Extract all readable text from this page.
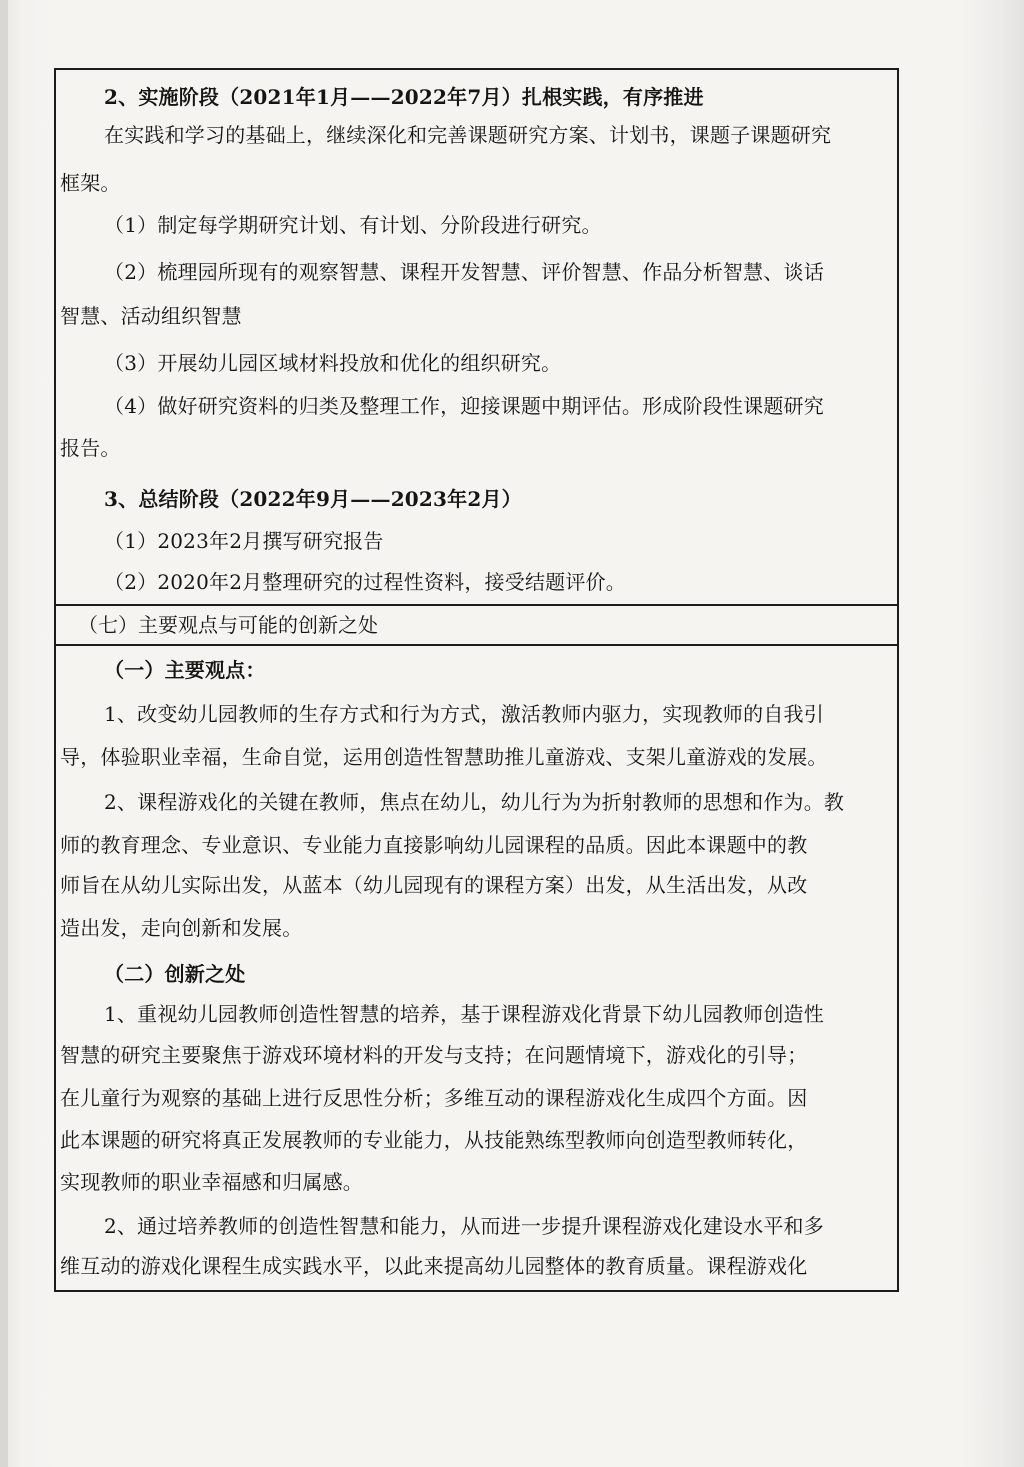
2、实施阶段（2021年1月——2022年7月）扎根实践，有序推进
在实践和学习的基础上，继续深化和完善课题研究方案、计划书，课题子课题研究
框架。
（1）制定每学期研究计划、有计划、分阶段进行研究。
（2）梳理园所现有的观察智慧、课程开发智慧、评价智慧、作品分析智慧、谈话
智慧、活动组织智慧
（3）开展幼儿园区域材料投放和优化的组织研究。
（4）做好研究资料的归类及整理工作，迎接课题中期评估。形成阶段性课题研究
报告。
3、总结阶段（2022年9月——2023年2月）
（1）2023年2月撰写研究报告
（2）2020年2月整理研究的过程性资料，接受结题评价。
（七）主要观点与可能的创新之处
（一）主要观点：
1、改变幼儿园教师的生存方式和行为方式，激活教师内驱力，实现教师的自我引
导，体验职业幸福，生命自觉，运用创造性智慧助推儿童游戏、支架儿童游戏的发展。
2、课程游戏化的关键在教师，焦点在幼儿，幼儿行为为折射教师的思想和作为。教
师的教育理念、专业意识、专业能力直接影响幼儿园课程的品质。因此本课题中的教
师旨在从幼儿实际出发，从蓝本（幼儿园现有的课程方案）出发，从生活出发，从改
造出发，走向创新和发展。
（二）创新之处
1、重视幼儿园教师创造性智慧的培养，基于课程游戏化背景下幼儿园教师创造性
智慧的研究主要聚焦于游戏环境材料的开发与支持；在问题情境下，游戏化的引导；
在儿童行为观察的基础上进行反思性分析；多维互动的课程游戏化生成四个方面。因
此本课题的研究将真正发展教师的专业能力，从技能熟练型教师向创造型教师转化，
实现教师的职业幸福感和归属感。
2、通过培养教师的创造性智慧和能力，从而进一步提升课程游戏化建设水平和多
维互动的游戏化课程生成实践水平，以此来提高幼儿园整体的教育质量。课程游戏化
